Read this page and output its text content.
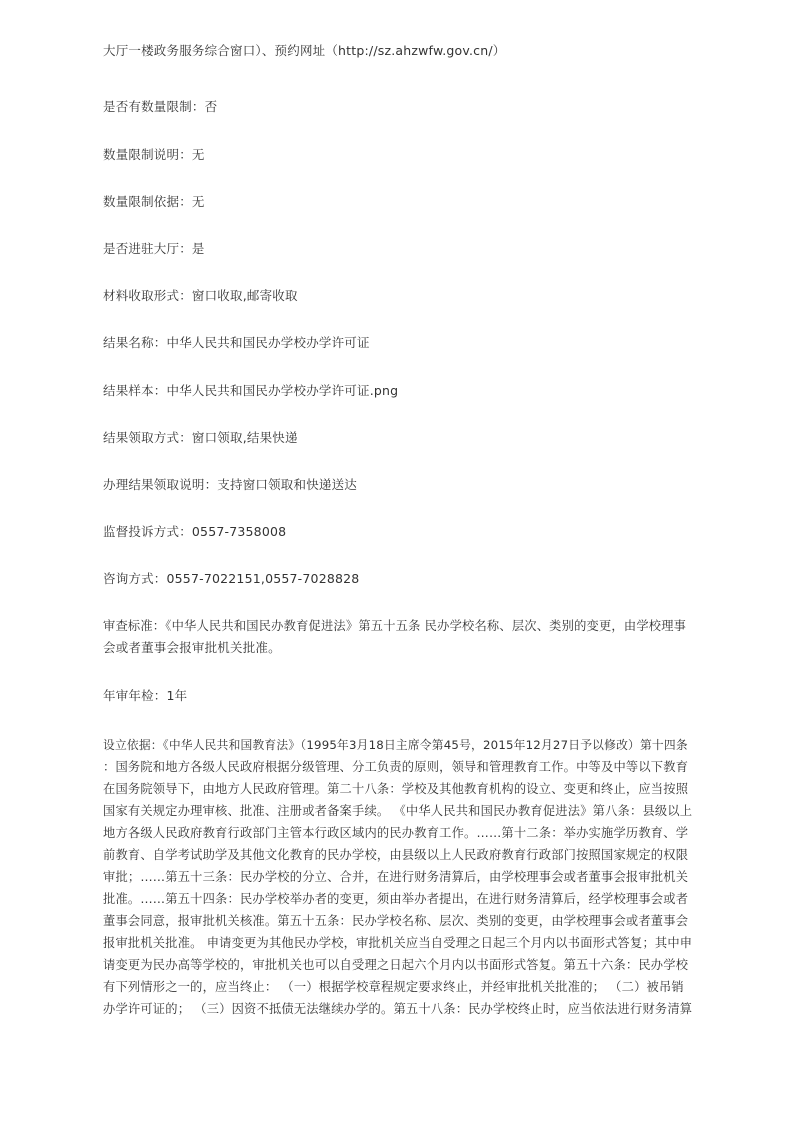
大厅一楼政务服务综合窗口）、预约网址（http://sz.ahzwfw.gov.cn/）
是否有数量限制：否
数量限制说明：无
数量限制依据：无
是否进驻大厅：是
材料收取形式：窗口收取,邮寄收取
结果名称：中华人民共和国民办学校办学许可证
结果样本：中华人民共和国民办学校办学许可证.png
结果领取方式：窗口领取,结果快递
办理结果领取说明：支持窗口领取和快递送达
监督投诉方式：0557-7358008
咨询方式：0557-7022151,0557-7028828
审查标准：《中华人民共和国民办教育促进法》第五十五条 民办学校名称、层次、类别的变更，由学校理事
会或者董事会报审批机关批准。
年审年检：1年
设立依据：《中华人民共和国教育法》（1995年3月18日主席令第45号，2015年12月27日予以修改）第十四条
：国务院和地方各级人民政府根据分级管理、分工负责的原则，领导和管理教育工作。中等及中等以下教育
在国务院领导下，由地方人民政府管理。第二十八条：学校及其他教育机构的设立、变更和终止，应当按照
国家有关规定办理审核、批准、注册或者备案手续。 《中华人民共和国民办教育促进法》第八条：县级以上
地方各级人民政府教育行政部门主管本行政区域内的民办教育工作。……第十二条：举办实施学历教育、学
前教育、自学考试助学及其他文化教育的民办学校，由县级以上人民政府教育行政部门按照国家规定的权限
审批；……第五十三条：民办学校的分立、合并，在进行财务清算后，由学校理事会或者董事会报审批机关
批准。……第五十四条：民办学校举办者的变更，须由举办者提出，在进行财务清算后，经学校理事会或者
董事会同意，报审批机关核准。第五十五条：民办学校名称、层次、类别的变更，由学校理事会或者董事会
报审批机关批准。 申请变更为其他民办学校，审批机关应当自受理之日起三个月内以书面形式答复；其中申
请变更为民办高等学校的，审批机关也可以自受理之日起六个月内以书面形式答复。第五十六条：民办学校
有下列情形之一的，应当终止： （一）根据学校章程规定要求终止，并经审批机关批准的； （二）被吊销
办学许可证的； （三）因资不抵债无法继续办学的。第五十八条：民办学校终止时，应当依法进行财务清算
